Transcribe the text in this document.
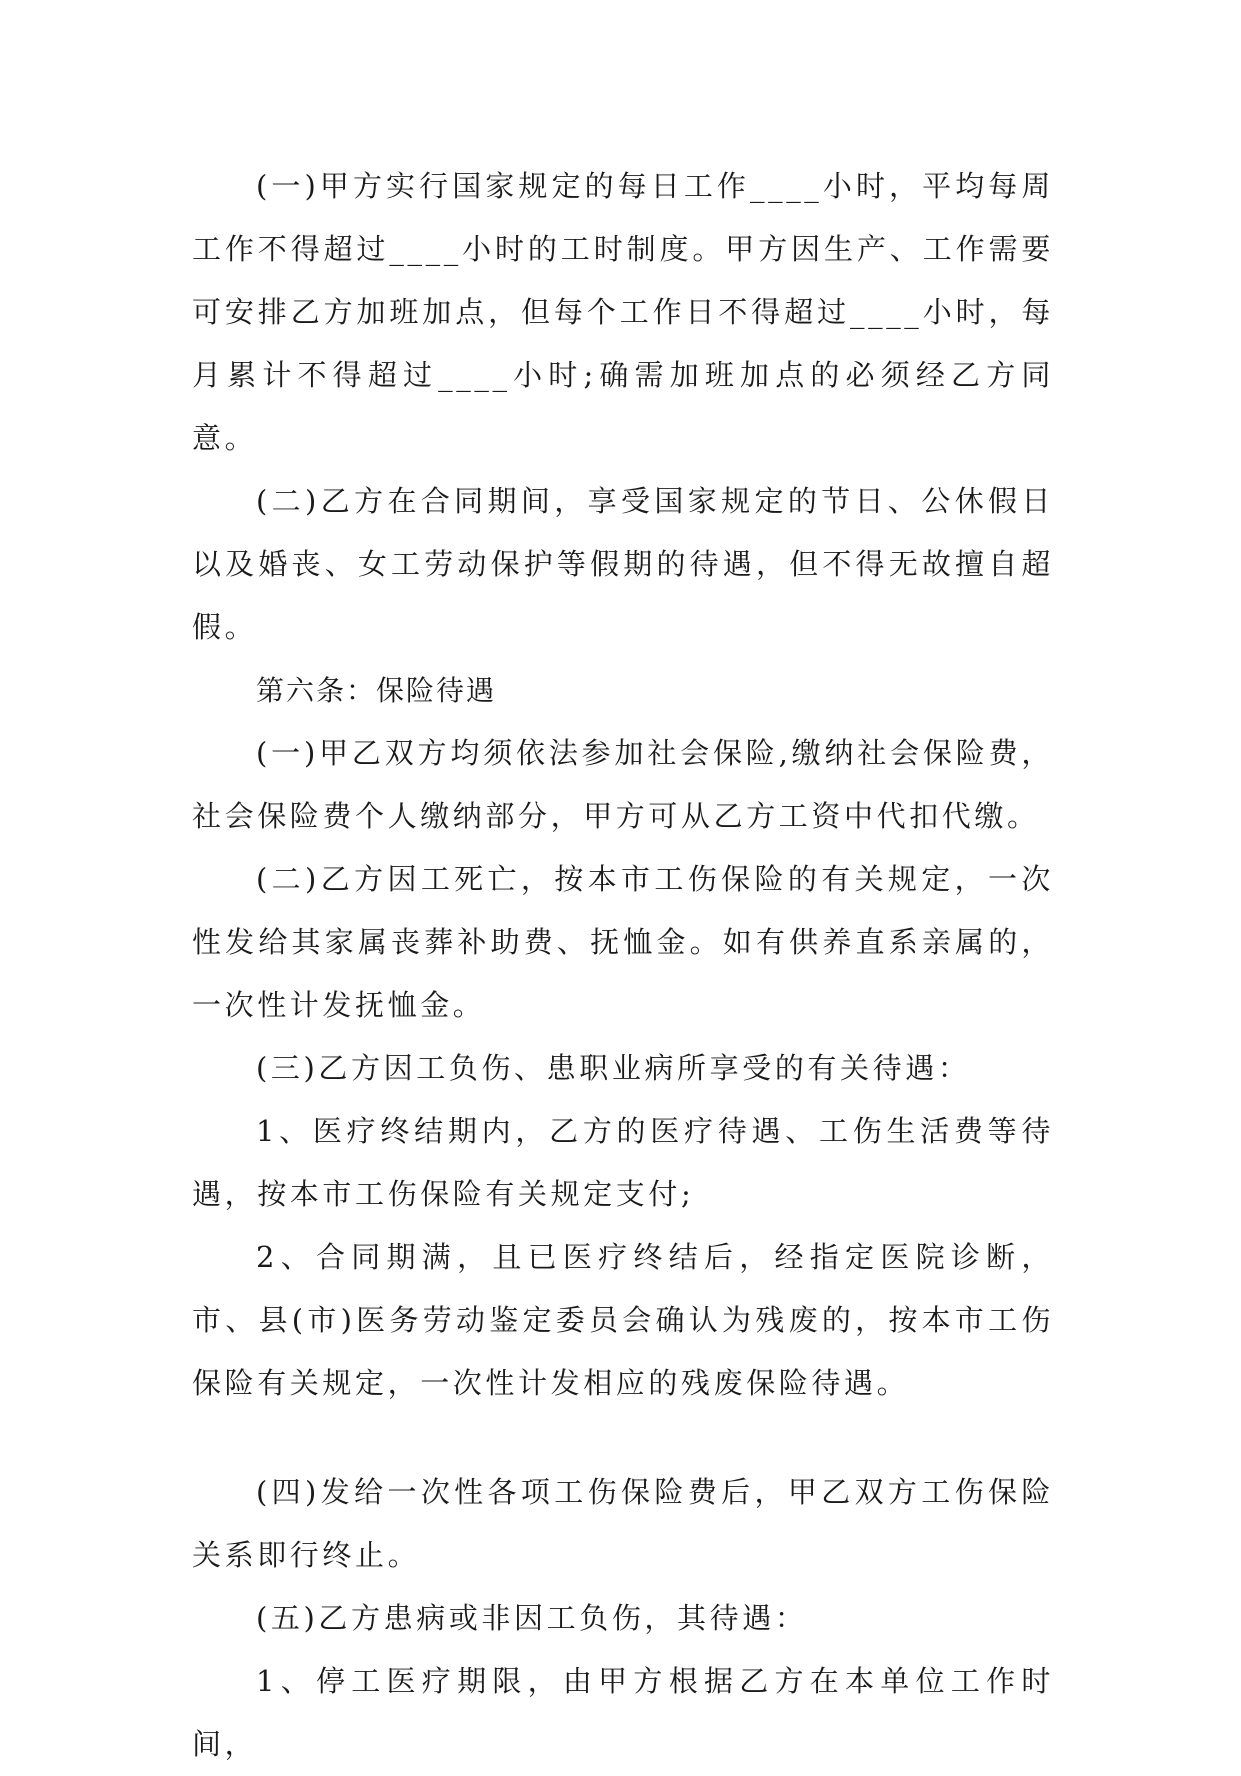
(一)甲方实行国家规定的每日工作____小时，平均每周工作不得超过____小时的工时制度。甲方因生产、工作需要可安排乙方加班加点，但每个工作日不得超过____小时，每月累计不得超过____小时;确需加班加点的必须经乙方同意。

(二)乙方在合同期间，享受国家规定的节日、公休假日以及婚丧、女工劳动保护等假期的待遇，但不得无故擅自超假。

第六条：保险待遇

(一)甲乙双方均须依法参加社会保险,缴纳社会保险费，社会保险费个人缴纳部分，甲方可从乙方工资中代扣代缴。

(二)乙方因工死亡，按本市工伤保险的有关规定，一次性发给其家属丧葬补助费、抚恤金。如有供养直系亲属的，一次性计发抚恤金。

(三)乙方因工负伤、患职业病所享受的有关待遇：

1、医疗终结期内，乙方的医疗待遇、工伤生活费等待遇，按本市工伤保险有关规定支付;

2、合同期满，且已医疗终结后，经指定医院诊断，市、县(市)医务劳动鉴定委员会确认为残废的，按本市工伤保险有关规定，一次性计发相应的残废保险待遇。

(四)发给一次性各项工伤保险费后，甲乙双方工伤保险关系即行终止。

(五)乙方患病或非因工负伤，其待遇：

1、停工医疗期限，由甲方根据乙方在本单位工作时间，
